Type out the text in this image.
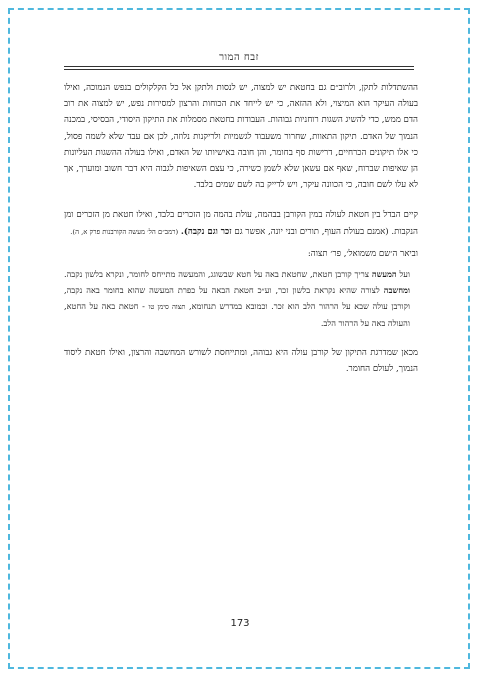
זבח המור

ההשתדלות לתקן, ולרוב״ם גם בחטאת יש למצוה, יש לנסות ולתקן אל כל הקלקולים בנפש הנמוכה, ואילו בעולה העיקר הוא המיצוי, ולא ההזאה, כי יש לייחד את הכוחות והרצון למסירות נפש, יש למצוה את רוב הדם ממש, כדי להשיג השגות רוחניות גבוהות. העבודות בחטאת מסמלות את התיקון היסודי, הבסיסי, במכנה הנמוך של האדם. תיקון התאוות, שחרור משעבוד לגשמיות ולריקנות נלוזה, לכן אם עבד שלא לשמה פסול, כי אלו תיקונים הכרחיים, דרישות סף בחומר, והן חובה באישיותו של האדם, ואילו בעולה ההשגות העליונות הן שאיפות שברוח, שאף אם עשאן שלא לשמן כשירה, כי עצם השאיפות לגבוה היא דבר חשוב ומוערך, אך לא עלו לשם חובה, כי הכוונה עיקר, ויש לדייק בה לשם שמים בלבד.

קיים הבדל בין חטאת לעולה במין הקורבן בבהמה, עולת בהמה מן הזכרים בלבד, ואילו חטאת מן הזכרים ומן הנקבות. (אמנם בעולת העוף, תורים ובני יונה, אפשר גם זכר וגם נקבה). (רמב״ם הל׳ מעשה הקורבנות פרק א, ה).

וביאר ה׳שם משמואל׳, פר׳ תצוה:

ועל המעשה צריך קורבן חטאת, שחטאת באה על חטא שבשוגג, והמעשה מתייחס לחומר, ונקרא בלשון נקבה. ומחשבה לצורה שהיא נקראת בלשון זכר, וע״כ חטאת הבאה על כפרת המעשה שהוא בחומר באה נקבה, וקורבן עולה שבא על הרהור הלב הוא זכר. וכמובא במדרש תנחומא, תצוה סימן טו - חטאת באה על החטא, והעולה באה על הרהור הלב.

מכאן שמדרגת התיקון של קורבן עולה היא גבוהה, ומתייחסת לשורש המחשבה והרצון, ואילו חטאת ליסוד הנמוך, לעולם החומר.

173
